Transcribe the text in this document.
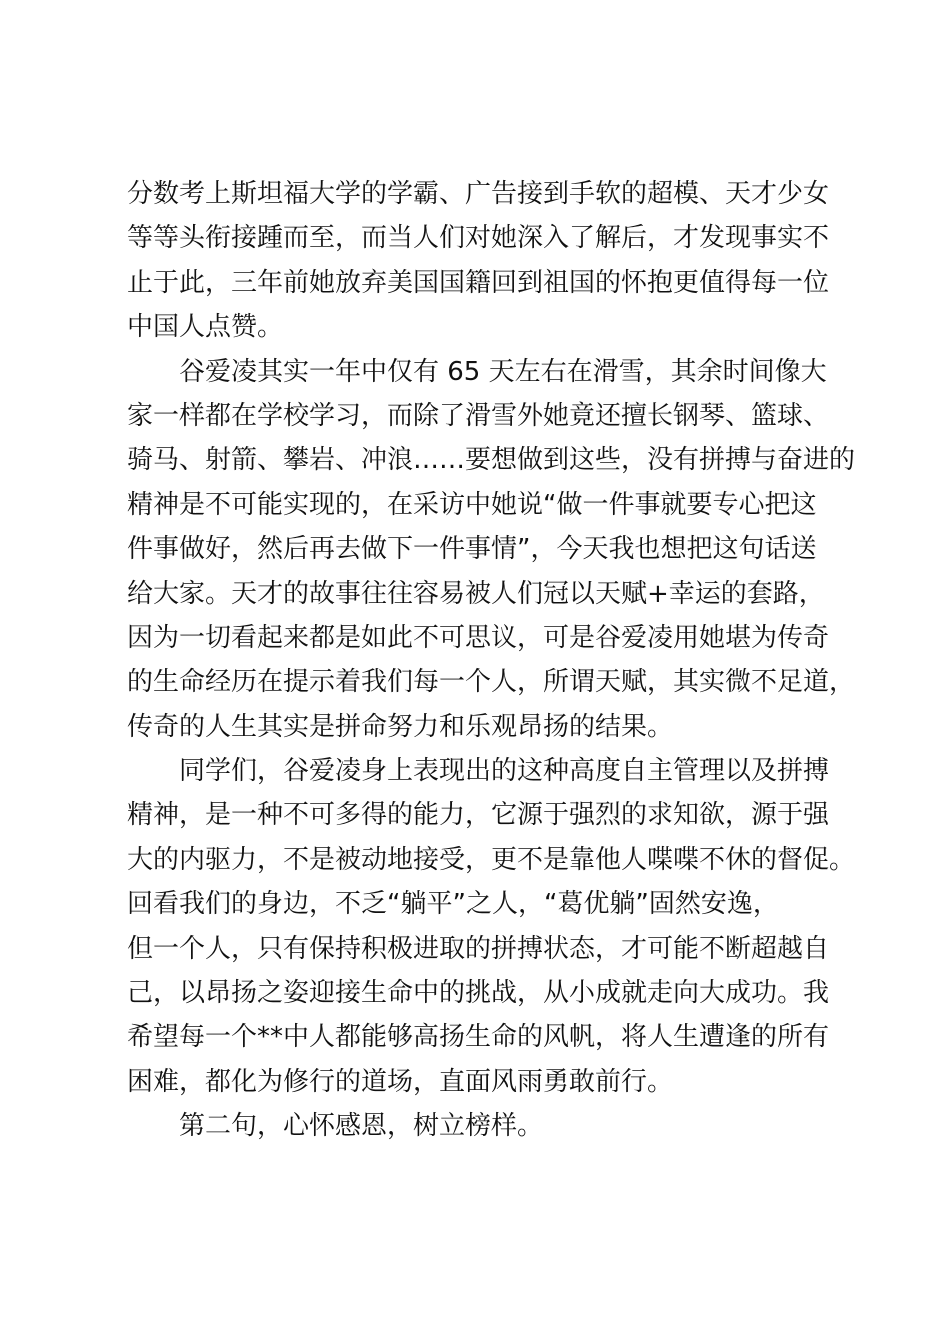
分数考上斯坦福大学的学霸、广告接到手软的超模、天才少女
等等头衔接踵而至，而当人们对她深入了解后，才发现事实不
止于此，三年前她放弃美国国籍回到祖国的怀抱更值得每一位
中国人点赞。
谷爱凌其实一年中仅有 65 天左右在滑雪，其余时间像大
家一样都在学校学习，而除了滑雪外她竟还擅长钢琴、篮球、
骑马、射箭、攀岩、冲浪……要想做到这些，没有拼搏与奋进的
精神是不可能实现的，在采访中她说“做一件事就要专心把这
件事做好，然后再去做下一件事情”，今天我也想把这句话送
给大家。天才的故事往往容易被人们冠以天赋+幸运的套路，
因为一切看起来都是如此不可思议，可是谷爱凌用她堪为传奇
的生命经历在提示着我们每一个人，所谓天赋，其实微不足道，
传奇的人生其实是拼命努力和乐观昂扬的结果。
同学们，谷爱凌身上表现出的这种高度自主管理以及拼搏
精神，是一种不可多得的能力，它源于强烈的求知欲，源于强
大的内驱力，不是被动地接受，更不是靠他人喋喋不休的督促。
回看我们的身边，不乏“躺平”之人，“葛优躺”固然安逸，
但一个人，只有保持积极进取的拼搏状态，才可能不断超越自
己，以昂扬之姿迎接生命中的挑战，从小成就走向大成功。我
希望每一个**中人都能够高扬生命的风帆，将人生遭逢的所有
困难，都化为修行的道场，直面风雨勇敢前行。
第二句，心怀感恩，树立榜样。
